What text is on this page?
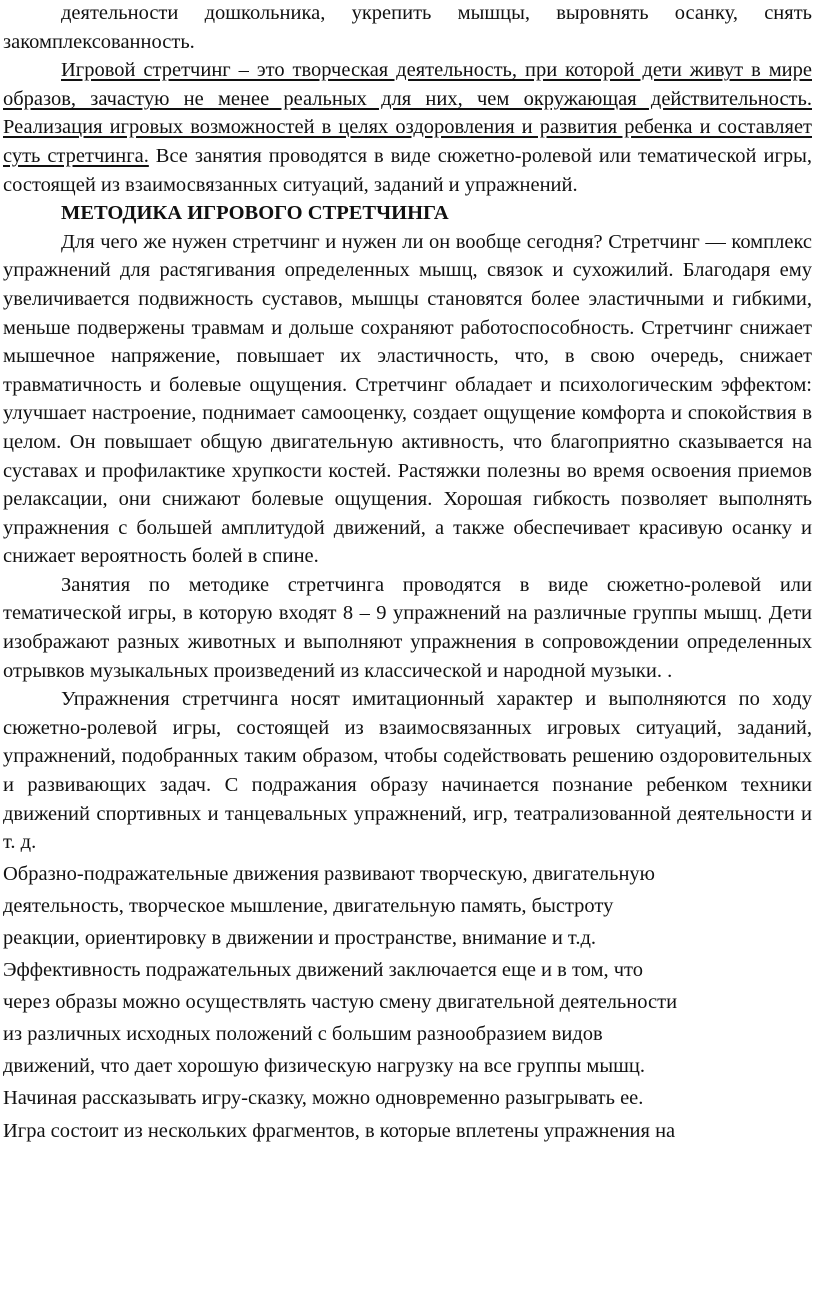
деятельности дошкольника, укрепить мышцы, выровнять осанку, снять закомплексованность.

Игровой стретчинг – это творческая деятельность, при которой дети живут в мире образов, зачастую не менее реальных для них, чем окружающая действительность. Реализация игровых возможностей в целях оздоровления и развития ребенка и составляет суть стретчинга. Все занятия проводятся в виде сюжетно-ролевой или тематической игры, состоящей из взаимосвязанных ситуаций, заданий и упражнений.

МЕТОДИКА ИГРОВОГО СТРЕТЧИНГА

Для чего же нужен стретчинг и нужен ли он вообще сегодня? Стретчинг — комплекс упражнений для растягивания определенных мышц, связок и сухожилий. Благодаря ему увеличивается подвижность суставов, мышцы становятся более эластичными и гибкими, меньше подвержены травмам и дольше сохраняют работоспособность. Стретчинг снижает мышечное напряжение, повышает их эластичность, что, в свою очередь, снижает травматичность и болевые ощущения. Стретчинг обладает и психологическим эффектом: улучшает настроение, поднимает самооценку, создает ощущение комфорта и спокойствия в целом. Он повышает общую двигательную активность, что благоприятно сказывается на суставах и профилактике хрупкости костей. Растяжки полезны во время освоения приемов релаксации, они снижают болевые ощущения. Хорошая гибкость позволяет выполнять упражнения с большей амплитудой движений, а также обеспечивает красивую осанку и снижает вероятность болей в спине.

Занятия по методике стретчинга проводятся в виде сюжетно-ролевой или тематической игры, в которую входят 8 – 9 упражнений на различные группы мышц. Дети изображают разных животных и выполняют упражнения в сопровождении определенных отрывков музыкальных произведений из классической и народной музыки. .

Упражнения стретчинга носят имитационный характер и выполняются по ходу сюжетно-ролевой игры, состоящей из взаимосвязанных игровых ситуаций, заданий, упражнений, подобранных таким образом, чтобы содействовать решению оздоровительных и развивающих задач. С подражания образу начинается познание ребенком техники движений спортивных и танцевальных упражнений, игр, театрализованной деятельности и т. д.

Образно-подражательные движения развивают творческую, двигательную

деятельность, творческое мышление, двигательную память, быстроту

реакции, ориентировку в движении и пространстве, внимание и т.д.

Эффективность подражательных движений заключается еще и в том, что

через образы можно осуществлять частую смену двигательной деятельности

из различных исходных положений с большим разнообразием видов

движений, что дает хорошую физическую нагрузку на все группы мышц.

Начиная рассказывать игру-сказку, можно одновременно разыгрывать ее.

Игра состоит из нескольких фрагментов, в которые вплетены упражнения на
